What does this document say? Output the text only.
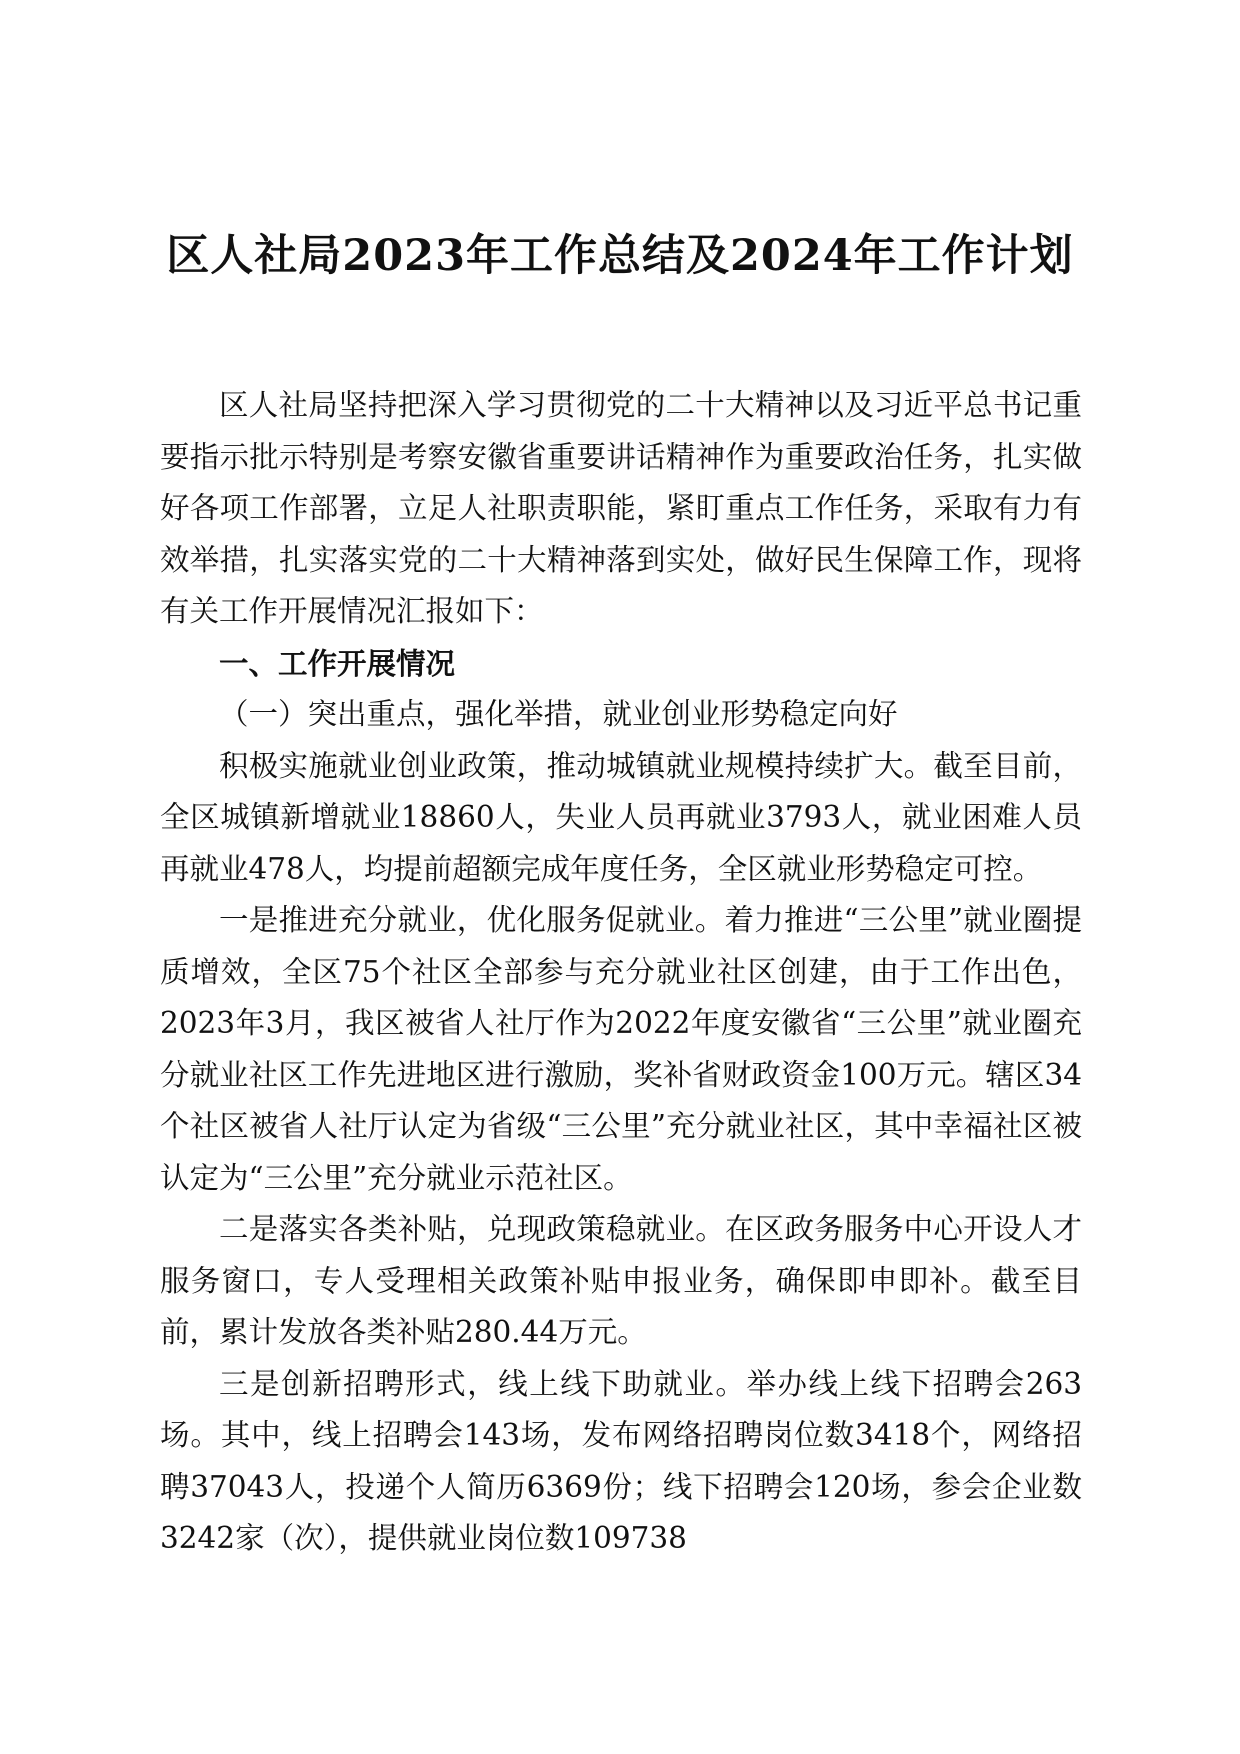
区人社局2023年工作总结及2024年工作计划

区人社局坚持把深入学习贯彻党的二十大精神以及习近平总书记重要指示批示特别是考察安徽省重要讲话精神作为重要政治任务，扎实做好各项工作部署，立足人社职责职能，紧盯重点工作任务，采取有力有效举措，扎实落实党的二十大精神落到实处，做好民生保障工作，现将有关工作开展情况汇报如下：

一、工作开展情况

（一）突出重点，强化举措，就业创业形势稳定向好

积极实施就业创业政策，推动城镇就业规模持续扩大。截至目前，全区城镇新增就业18860人，失业人员再就业3793人，就业困难人员再就业478人，均提前超额完成年度任务，全区就业形势稳定可控。

一是推进充分就业，优化服务促就业。着力推进“三公里”就业圈提质增效，全区75个社区全部参与充分就业社区创建，由于工作出色，2023年3月，我区被省人社厅作为2022年度安徽省“三公里”就业圈充分就业社区工作先进地区进行激励，奖补省财政资金100万元。辖区34个社区被省人社厅认定为省级“三公里”充分就业社区，其中幸福社区被认定为“三公里”充分就业示范社区。

二是落实各类补贴，兑现政策稳就业。在区政务服务中心开设人才服务窗口，专人受理相关政策补贴申报业务，确保即申即补。截至目前，累计发放各类补贴280.44万元。

三是创新招聘形式，线上线下助就业。举办线上线下招聘会263场。其中，线上招聘会143场，发布网络招聘岗位数3418个，网络招聘37043人，投递个人简历6369份；线下招聘会120场，参会企业数3242家（次），提供就业岗位数109738
